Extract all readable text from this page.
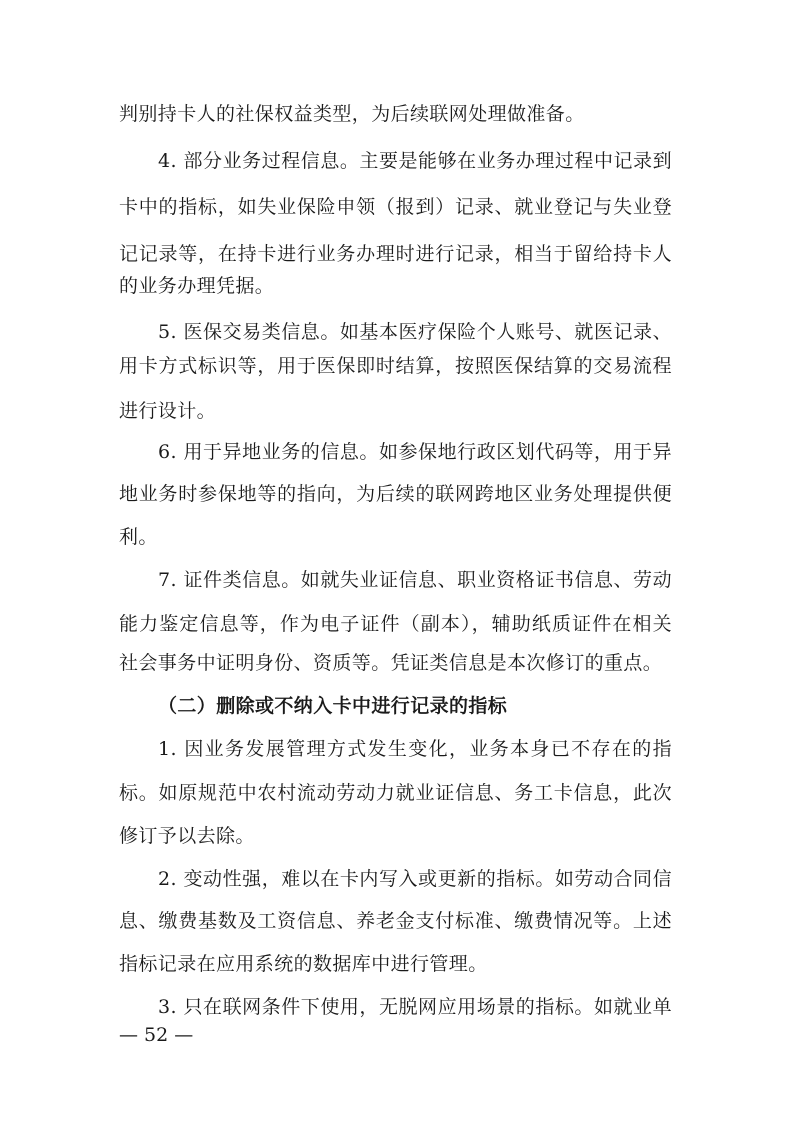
判别持卡人的社保权益类型，为后续联网处理做准备。
4. 部分业务过程信息。主要是能够在业务办理过程中记录到
卡中的指标，如失业保险申领（报到）记录、就业登记与失业登
记记录等，在持卡进行业务办理时进行记录，相当于留给持卡人
的业务办理凭据。
5. 医保交易类信息。如基本医疗保险个人账号、就医记录、
用卡方式标识等，用于医保即时结算，按照医保结算的交易流程
进行设计。
6. 用于异地业务的信息。如参保地行政区划代码等，用于异
地业务时参保地等的指向，为后续的联网跨地区业务处理提供便
利。
7. 证件类信息。如就失业证信息、职业资格证书信息、劳动
能力鉴定信息等，作为电子证件（副本），辅助纸质证件在相关
社会事务中证明身份、资质等。凭证类信息是本次修订的重点。
（二）删除或不纳入卡中进行记录的指标
1. 因业务发展管理方式发生变化，业务本身已不存在的指
标。如原规范中农村流动劳动力就业证信息、务工卡信息，此次
修订予以去除。
2. 变动性强，难以在卡内写入或更新的指标。如劳动合同信
息、缴费基数及工资信息、养老金支付标准、缴费情况等。上述
指标记录在应用系统的数据库中进行管理。
3. 只在联网条件下使用，无脱网应用场景的指标。如就业单
— 52 —
